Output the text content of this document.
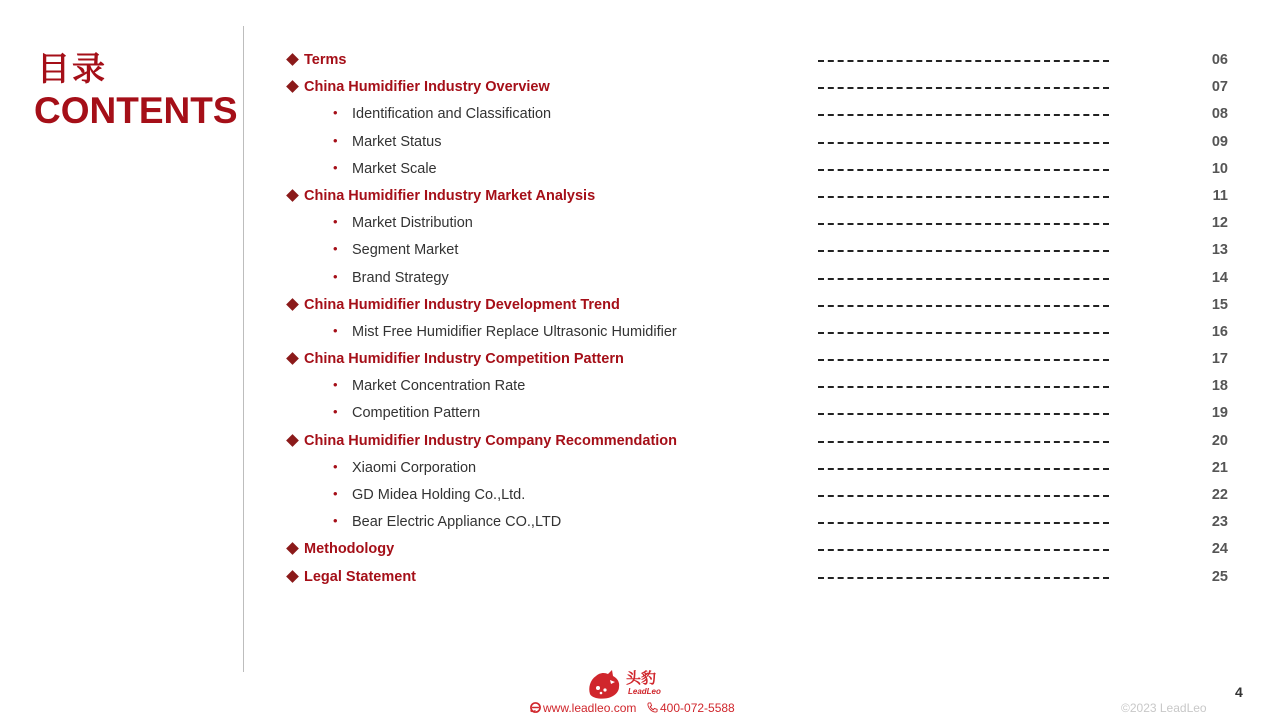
目录
CONTENTS
Terms	06
China Humidifier Industry Overview	07
• Identification and Classification	08
• Market Status	09
• Market Scale	10
China Humidifier Industry Market Analysis	11
• Market Distribution	12
• Segment Market	13
• Brand Strategy	14
China Humidifier Industry Development Trend	15
• Mist Free Humidifier Replace Ultrasonic Humidifier	16
China Humidifier Industry Competition Pattern	17
• Market Concentration Rate	18
• Competition Pattern	19
China Humidifier Industry Company Recommendation	20
• Xiaomi Corporation	21
• GD Midea Holding Co.,Ltd.	22
• Bear Electric Appliance CO.,LTD	23
Methodology	24
Legal Statement	25
头豹
LeadLeo
www.leadleo.com	400-072-5588	©2023 LeadLeo
4
